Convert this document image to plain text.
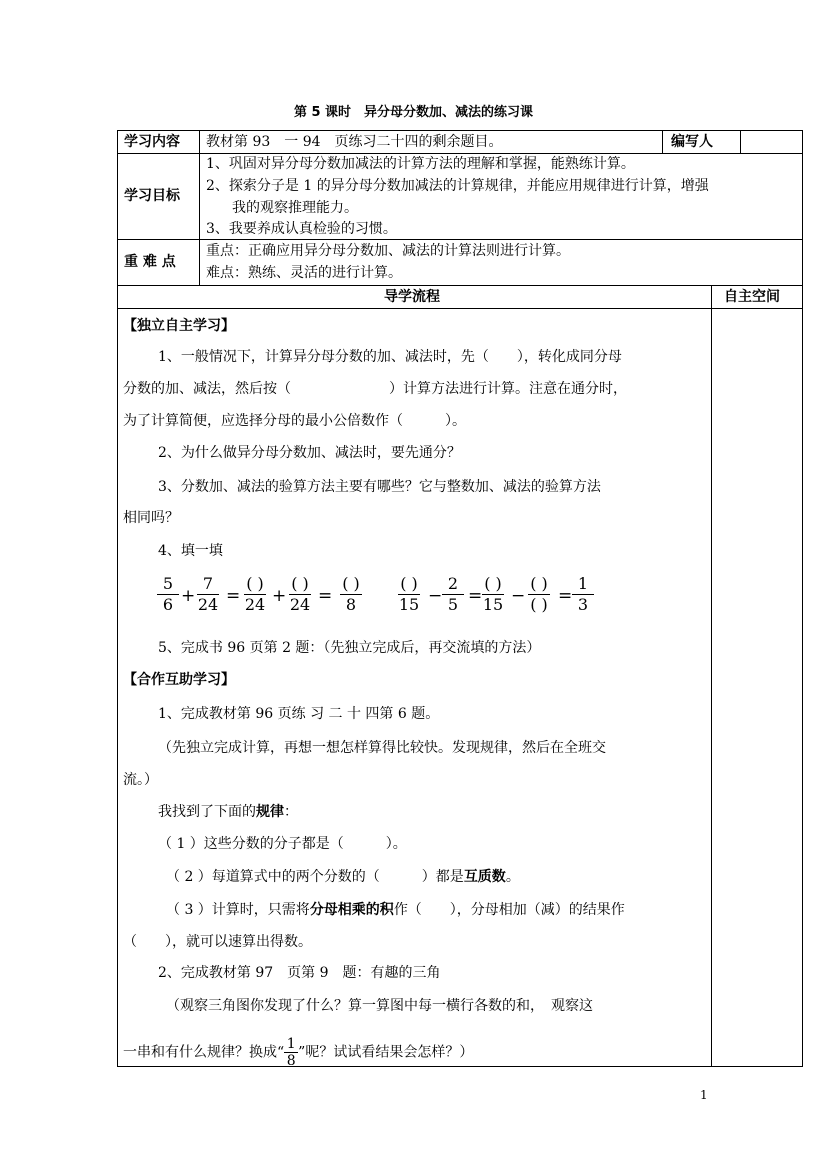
第 5 课时　异分母分数加、减法的练习课
学习内容 教材第 93　一 94　页练习二十四的剩余题目。	编写人
学习目标
1、巩固对异分母分数加减法的计算方法的理解和掌握，能熟练计算。
2、探索分子是 1 的异分母分数加减法的计算规律，并能应用规律进行计算，增强
我的观察推理能力。
3、我要养成认真检验的习惯。
重 难 点
重点：正确应用异分母分数加、减法的计算法则进行计算。
难点：熟练、灵活的进行计算。
导学流程	自主空间
【独立自主学习】
1、一般情况下，计算异分母分数的加、减法时，先（　　），转化成同分母
分数的加、减法，然后按（　　　　　　　）计算方法进行计算。注意在通分时，
为了计算简便，应选择分母的最小公倍数作（　　　）。
2、为什么做异分母分数加、减法时，要先通分？
3、分数加、减法的验算方法主要有哪些？它与整数加、减法的验算方法
相同吗？
4、填一填
5
6 +
7
24 =
( )
24 +
( )
24 =
( )
8
( )
15 −
2
5 =
( )
15 −
( )
( ) =
1
3
5、完成书 96 页第 2 题：（先独立完成后，再交流填的方法）
【合作互助学习】
1、完成教材第 96 页练 习 二 十 四第 6 题。
（先独立完成计算，再想一想怎样算得比较快。发现规律，然后在全班交
流。）
我找到了下面的规律：
（ 1 ）这些分数的分子都是（　　　）。
（ 2 ）每道算式中的两个分数的（　　　）都是互质数。
（ 3 ）计算时，只需将分母相乘的积作（　　），分母相加（减）的结果作
（　　），就可以速算出得数。
2、完成教材第 97　页第 9　题：有趣的三角
（观察三角图你发现了什么？算一算图中每一横行各数的和，　观察这
一串和有什么规律？换成“$\frac{1}{8}$”呢？试试看结果会怎样？）
1
